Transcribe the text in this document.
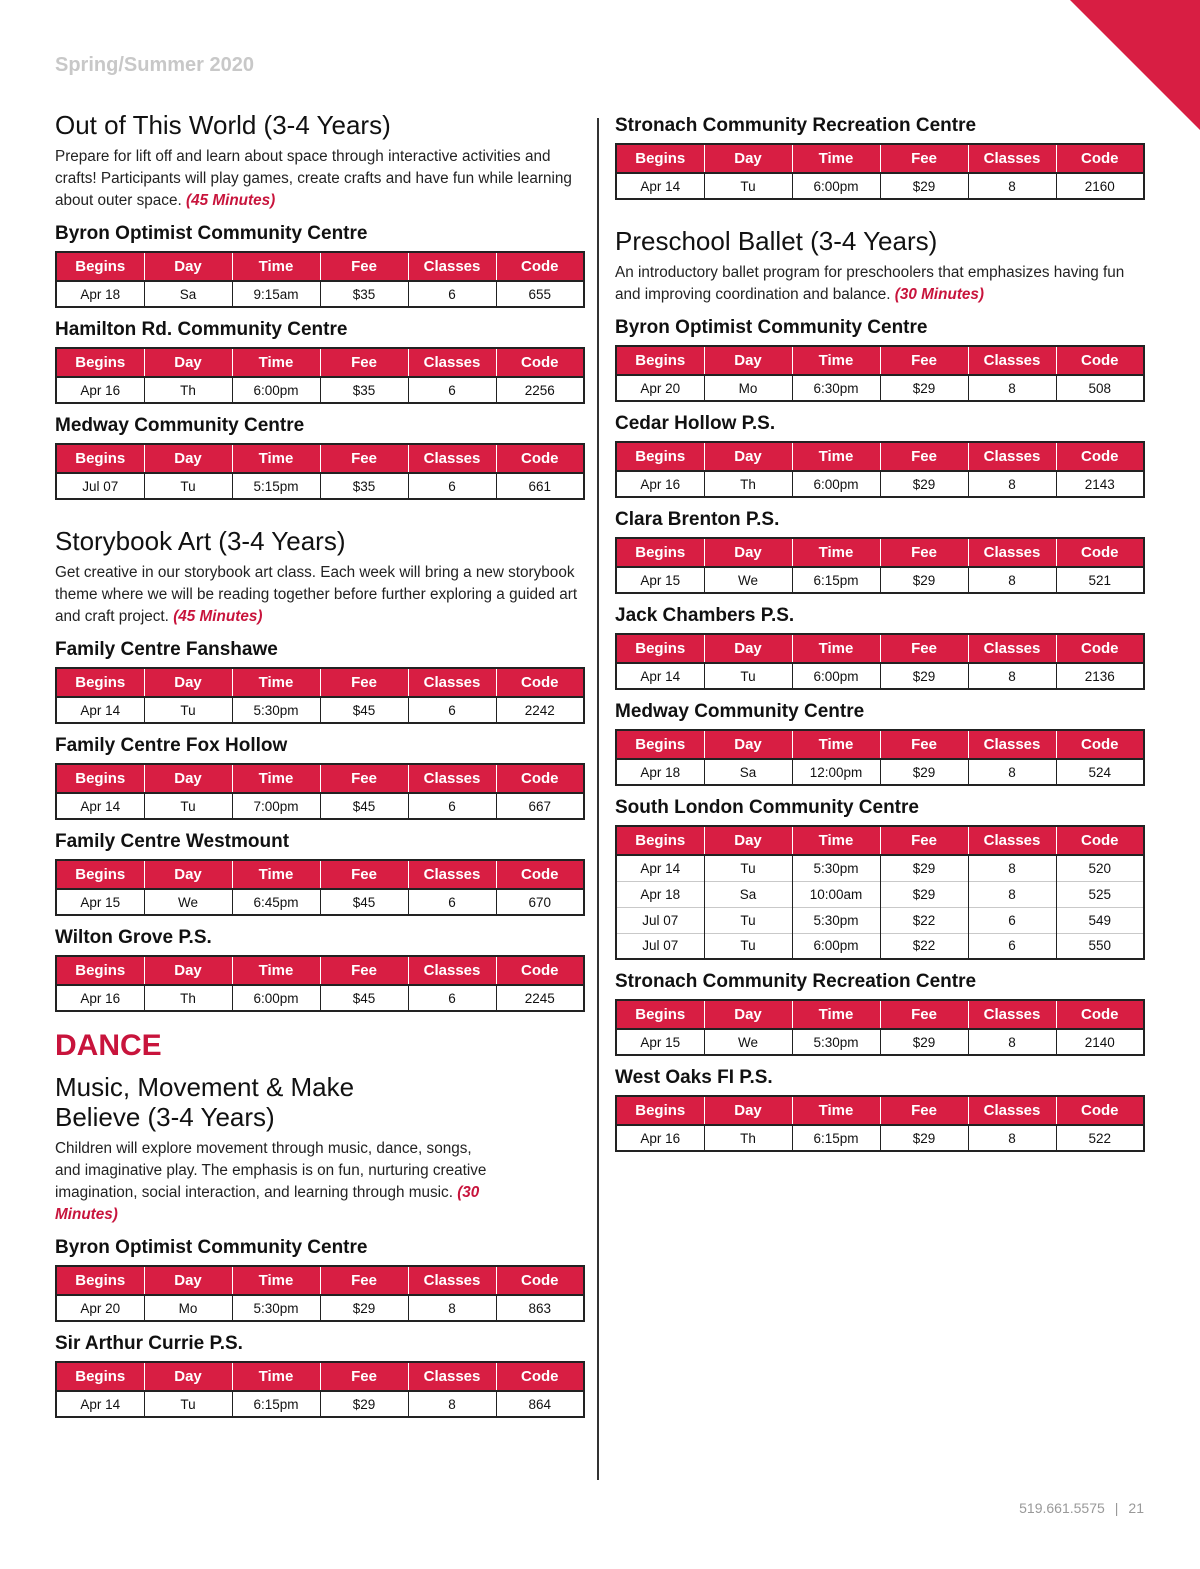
Spring/Summer 2020
Out of This World (3-4 Years)

Prepare for lift off and learn about space through interactive activities and crafts! Participants will play games, create crafts and have fun while learning about outer space. (45 Minutes)

Byron Optimist Community Centre
Begins	Day	Time	Fee	Classes	Code
Apr 18	Sa	9:15am	$35	6	655
Hamilton Rd. Community Centre
Begins	Day	Time	Fee	Classes	Code
Apr 16	Th	6:00pm	$35	6	2256
Medway Community Centre
Begins	Day	Time	Fee	Classes	Code
Jul 07	Tu	5:15pm	$35	6	661
Storybook Art (3-4 Years)

Get creative in our storybook art class. Each week will bring a new storybook theme where we will be reading together before further exploring a guided art and craft project. (45 Minutes)

Family Centre Fanshawe
Begins	Day	Time	Fee	Classes	Code
Apr 14	Tu	5:30pm	$45	6	2242
Family Centre Fox Hollow
Begins	Day	Time	Fee	Classes	Code
Apr 14	Tu	7:00pm	$45	6	667
Family Centre Westmount
Begins	Day	Time	Fee	Classes	Code
Apr 15	We	6:45pm	$45	6	670
Wilton Grove P.S.
Begins	Day	Time	Fee	Classes	Code
Apr 16	Th	6:00pm	$45	6	2245
DANCE
Music, Movement & Make
Believe (3-4 Years)

Children will explore movement through music, dance, songs, and imaginative play. The emphasis is on fun, nurturing creative imagination, social interaction, and learning through music. (30 Minutes)

Byron Optimist Community Centre
Begins	Day	Time	Fee	Classes	Code
Apr 20	Mo	5:30pm	$29	8	863
Sir Arthur Currie P.S.
Begins	Day	Time	Fee	Classes	Code
Apr 14	Tu	6:15pm	$29	8	864
Stronach Community Recreation Centre
Begins	Day	Time	Fee	Classes	Code
Apr 14	Tu	6:00pm	$29	8	2160
Preschool Ballet (3-4 Years)

An introductory ballet program for preschoolers that emphasizes having fun and improving coordination and balance. (30 Minutes)

Byron Optimist Community Centre
Begins	Day	Time	Fee	Classes	Code
Apr 20	Mo	6:30pm	$29	8	508
Cedar Hollow P.S.
Begins	Day	Time	Fee	Classes	Code
Apr 16	Th	6:00pm	$29	8	2143
Clara Brenton P.S.
Begins	Day	Time	Fee	Classes	Code
Apr 15	We	6:15pm	$29	8	521
Jack Chambers P.S.
Begins	Day	Time	Fee	Classes	Code
Apr 14	Tu	6:00pm	$29	8	2136
Medway Community Centre
Begins	Day	Time	Fee	Classes	Code
Apr 18	Sa	12:00pm	$29	8	524
South London Community Centre
Begins	Day	Time	Fee	Classes	Code
Apr 14	Tu	5:30pm	$29	8	520
Apr 18	Sa	10:00am	$29	8	525
Jul 07	Tu	5:30pm	$22	6	549
Jul 07	Tu	6:00pm	$22	6	550
Stronach Community Recreation Centre
Begins	Day	Time	Fee	Classes	Code
Apr 15	We	5:30pm	$29	8	2140
West Oaks FI P.S.
Begins	Day	Time	Fee	Classes	Code
Apr 16	Th	6:15pm	$29	8	522
519.661.5575 | 21
